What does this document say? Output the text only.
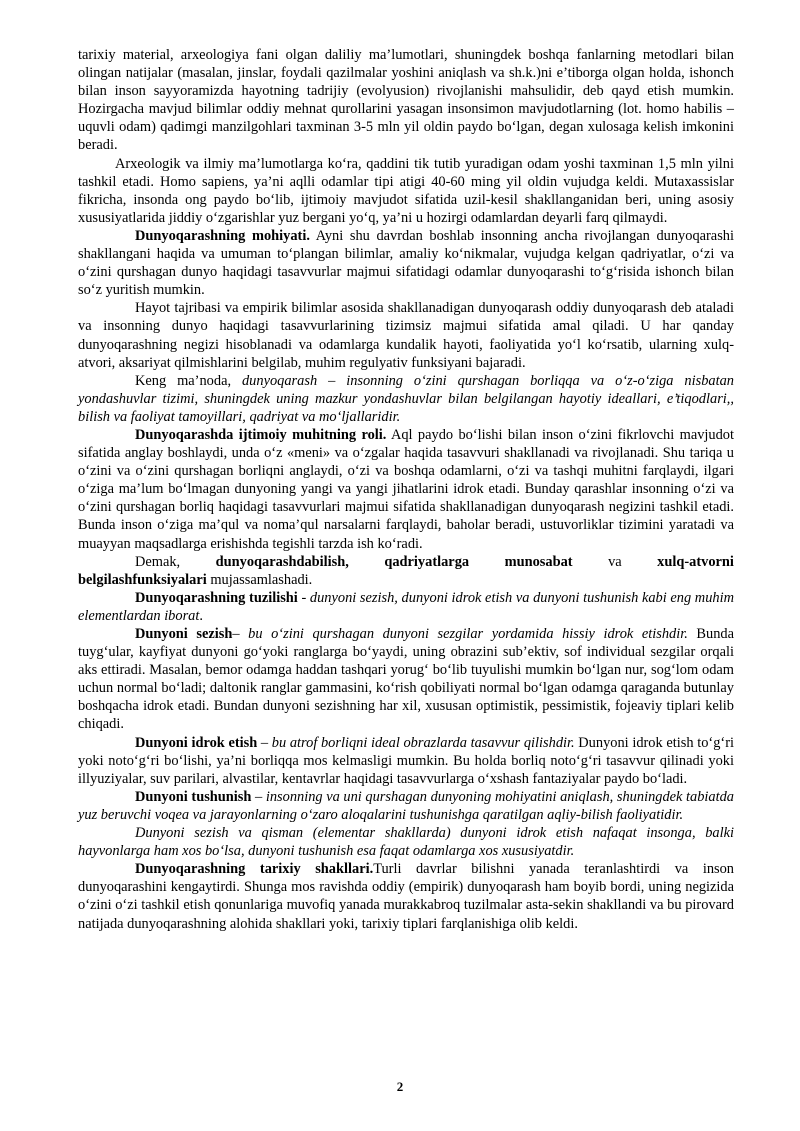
tarixiy material, arxeologiya fani olgan daliliy ma’lumotlari, shuningdek boshqa fanlarning metodlari bilan olingan natijalar (masalan, jinslar, foydali qazilmalar yoshini aniqlash va sh.k.)ni e’tiborga olgan holda, ishonch bilan inson sayyoramizda hayotning tadrijiy (evolyusion) rivojlanishi mahsulidir, deb qayd etish mumkin. Hozirgacha mavjud bilimlar oddiy mehnat qurollarini yasagan insonsimon mavjudotlarning (lot. homo habilis – uquvli odam) qadimgi manzilgohlari taxminan 3-5 mln yil oldin paydo bo‘lgan, degan xulosaga kelish imkonini beradi.

Arxeologik va ilmiy ma’lumotlarga ko‘ra, qaddini tik tutib yuradigan odam yoshi taxminan 1,5 mln yilni tashkil etadi. Homo sapiens, ya’ni aqlli odamlar tipi atigi 40-60 ming yil oldin vujudga keldi. Mutaxassislar fikricha, insonda ong paydo bo‘lib, ijtimoiy mavjudot sifatida uzil-kesil shakllanganidan beri, uning asosiy xususiyatlarida jiddiy o‘zgarishlar yuz bergani yo‘q, ya’ni u hozirgi odamlardan deyarli farq qilmaydi.

Dunyoqarashning mohiyati. Ayni shu davrdan boshlab insonning ancha rivojlangan dunyoqarashi shakllangani haqida va umuman to‘plangan bilimlar, amaliy ko‘nikmalar, vujudga kelgan qadriyatlar, o‘zi va o‘zini qurshagan dunyo haqidagi tasavvurlar majmui sifatidagi odamlar dunyoqarashi to‘g‘risida ishonch bilan so‘z yuritish mumkin.

Hayot tajribasi va empirik bilimlar asosida shakllanadigan dunyoqarash oddiy dunyoqarash deb ataladi va insonning dunyo haqidagi tasavvurlarining tizimsiz majmui sifatida amal qiladi. U har qanday dunyoqarashning negizi hisoblanadi va odamlarga kundalik hayoti, faoliyatida yo‘l ko‘rsatib, ularning xulq-atvori, aksariyat qilmishlarini belgilab, muhim regulyativ funksiyani bajaradi.

Keng ma’noda, dunyoqarash – insonning o‘zini qurshagan borliqqa va o‘z-o‘ziga nisbatan yondashuvlar tizimi, shuningdek uning mazkur yondashuvlar bilan belgilangan hayotiy ideallari, e’tiqodlari,, bilish va faoliyat tamoyillari, qadriyat va mo‘ljallaridir.

Dunyoqarashda ijtimoiy muhitning roli. Aql paydo bo‘lishi bilan inson o‘zini fikrlovchi mavjudot sifatida anglay boshlaydi, unda o‘z «meni» va o‘zgalar haqida tasavvuri shakllanadi va rivojlanadi. Shu tariqa u o‘zini va o‘zini qurshagan borliqni anglaydi, o‘zi va boshqa odamlarni, o‘zi va tashqi muhitni farqlaydi, ilgari o‘ziga ma’lum bo‘lmagan dunyoning yangi va yangi jihatlarini idrok etadi. Bunday qarashlar insonning o‘zi va o‘zini qurshagan borliq haqidagi tasavvurlari majmui sifatida shakllanadigan dunyoqarash negizini tashkil etadi. Bunda inson o‘ziga ma’qul va noma’qul narsalarni farqlaydi, baholar beradi, ustuvorliklar tizimini yaratadi va muayyan maqsadlarga erishishda tegishli tarzda ish ko‘radi.

Demak, dunyoqarashdabilish, qadriyatlarga munosabat va xulq-atvorni

belgilashfunksiyalari mujassamlashadi.

Dunyoqarashning tuzilishi - dunyoni sezish, dunyoni idrok etish va dunyoni tushunish kabi eng muhim elementlardan iborat.

Dunyoni sezish– bu o‘zini qurshagan dunyoni sezgilar yordamida hissiy idrok etishdir. Bunda tuyg‘ular, kayfiyat dunyoni go‘yoki ranglarga bo‘yaydi, uning obrazini sub’ektiv, sof individual sezgilar orqali aks ettiradi. Masalan, bemor odamga haddan tashqari yorug‘ bo‘lib tuyulishi mumkin bo‘lgan nur, sog‘lom odam uchun normal bo‘ladi; daltonik ranglar gammasini, ko‘rish qobiliyati normal bo‘lgan odamga qaraganda butunlay boshqacha idrok etadi. Bundan dunyoni sezishning har xil, xususan optimistik, pessimistik, fojeaviy tiplari kelib chiqadi.

Dunyoni idrok etish – bu atrof borliqni ideal obrazlarda tasavvur qilishdir. Dunyoni idrok etish to‘g‘ri yoki noto‘g‘ri bo‘lishi, ya’ni borliqqa mos kelmasligi mumkin. Bu holda borliq noto‘g‘ri tasavvur qilinadi yoki illyuziyalar, suv parilari, alvastilar, kentavrlar haqidagi tasavvurlarga o‘xshash fantaziyalar paydo bo‘ladi.

Dunyoni tushunish – insonning va uni qurshagan dunyoning mohiyatini aniqlash, shuningdek tabiatda yuz beruvchi voqea va jarayonlarning o‘zaro aloqalarini tushunishga qaratilgan aqliy-bilish faoliyatidir.

Dunyoni sezish va qisman (elementar shakllarda) dunyoni idrok etish nafaqat insonga, balki hayvonlarga ham xos bo‘lsa, dunyoni tushunish esa faqat odamlarga xos xususiyatdir.

Dunyoqarashning tarixiy shakllari.Turli davrlar bilishni yanada teranlashtirdi va inson dunyoqarashini kengaytirdi. Shunga mos ravishda oddiy (empirik) dunyoqarash ham boyib bordi, uning negizida o‘zini o‘zi tashkil etish qonunlariga muvofiq yanada murakkabroq tuzilmalar asta-sekin shakllandi va bu pirovard natijada dunyoqarashning alohida shakllari yoki, tarixiy tiplari farqlanishiga olib keldi.

2
